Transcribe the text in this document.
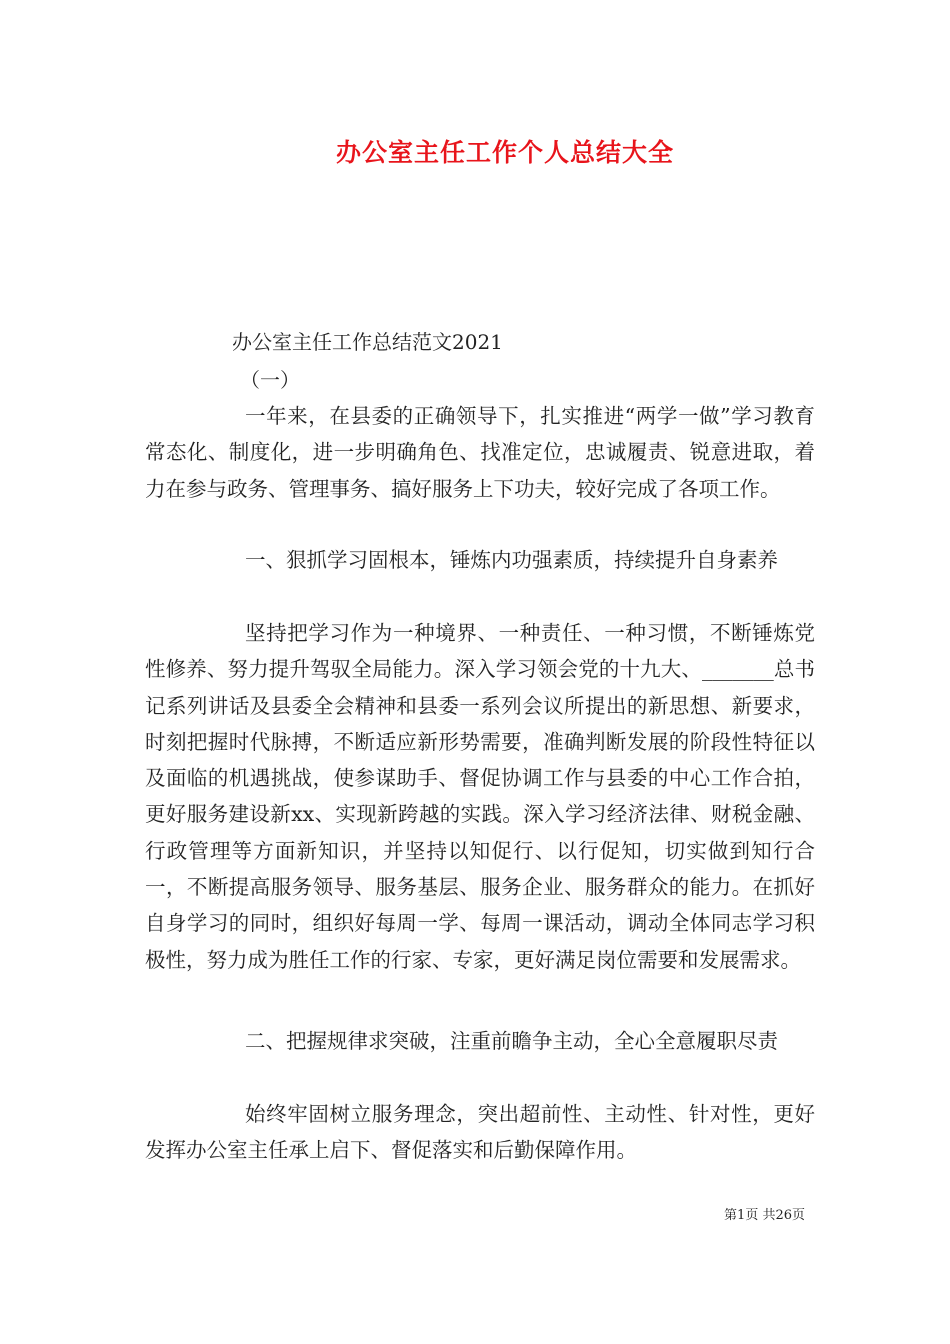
办公室主任工作个人总结大全
办公室主任工作总结范文2021
（一）

一年来，在县委的正确领导下，扎实推进“两学一做”学习教育常态化、制度化，进一步明确角色、找准定位，忠诚履责、锐意进取，着力在参与政务、管理事务、搞好服务上下功夫，较好完成了各项工作。

一、狠抓学习固根本，锤炼内功强素质，持续提升自身素养

坚持把学习作为一种境界、一种责任、一种习惯，不断锤炼党性修养、努力提升驾驭全局能力。深入学习领会党的十九大、_______总书记系列讲话及县委全会精神和县委一系列会议所提出的新思想、新要求，时刻把握时代脉搏，不断适应新形势需要，准确判断发展的阶段性特征以及面临的机遇挑战，使参谋助手、督促协调工作与县委的中心工作合拍，更好服务建设新xx、实现新跨越的实践。深入学习经济法律、财税金融、行政管理等方面新知识，并坚持以知促行、以行促知，切实做到知行合一，不断提高服务领导、服务基层、服务企业、服务群众的能力。在抓好自身学习的同时，组织好每周一学、每周一课活动，调动全体同志学习积极性，努力成为胜任工作的行家、专家，更好满足岗位需要和发展需求。

二、把握规律求突破，注重前瞻争主动，全心全意履职尽责

始终牢固树立服务理念，突出超前性、主动性、针对性，更好发挥办公室主任承上启下、督促落实和后勤保障作用。

第1页 共26页
